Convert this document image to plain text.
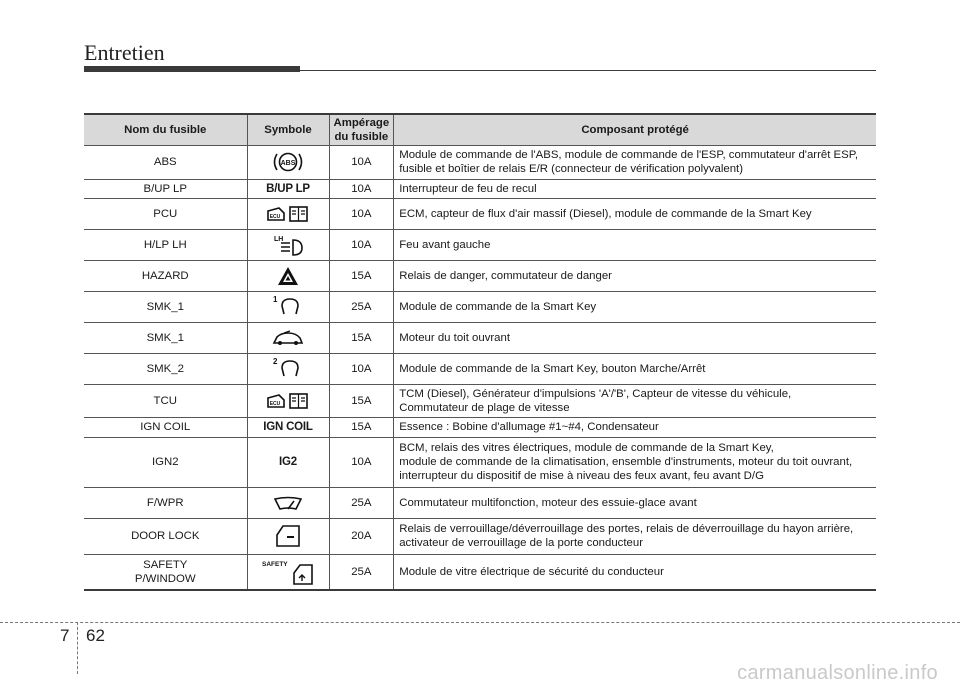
Entretien
Nom du fusible	Symbole	Ampérage du fusible	Composant protégé
ABS	ABS	10A	Module de commande de l'ABS, module de commande de l'ESP, commutateur d'arrêt ESP,
fusible et boîtier de relais E/R (connecteur de vérification polyvalent)
B/UP LP	B/UP LP	10A	Interrupteur de feu de recul
PCU	ECU	10A	ECM, capteur de flux d'air massif (Diesel), module de commande de la Smart Key
H/LP LH	LH	10A	Feu avant gauche
HAZARD		15A	Relais de danger, commutateur de danger
SMK_1	1	25A	Module de commande de la Smart Key
SMK_1		15A	Moteur du toit ouvrant
SMK_2	2	10A	Module de commande de la Smart Key, bouton Marche/Arrêt
TCU	ECU	15A	TCM (Diesel), Générateur d'impulsions 'A'/'B', Capteur de vitesse du véhicule,
Commutateur de plage de vitesse
IGN COIL	IGN COIL	15A	Essence : Bobine d'allumage #1~#4, Condensateur
IGN2	IG2	10A	BCM, relais des vitres électriques, module de commande de la Smart Key,
module de commande de la climatisation, ensemble d'instruments, moteur du toit ouvrant,
interrupteur du dispositif de mise à niveau des feux avant, feu avant D/G
F/WPR		25A	Commutateur multifonction, moteur des essuie-glace avant
DOOR LOCK		20A	Relais de verrouillage/déverrouillage des portes, relais de déverrouillage du hayon arrière,
activateur de verrouillage de la porte conducteur
SAFETY
P/WINDOW	SAFETY	25A	Module de vitre électrique de sécurité du conducteur
7 62
carmanualsonline.info
